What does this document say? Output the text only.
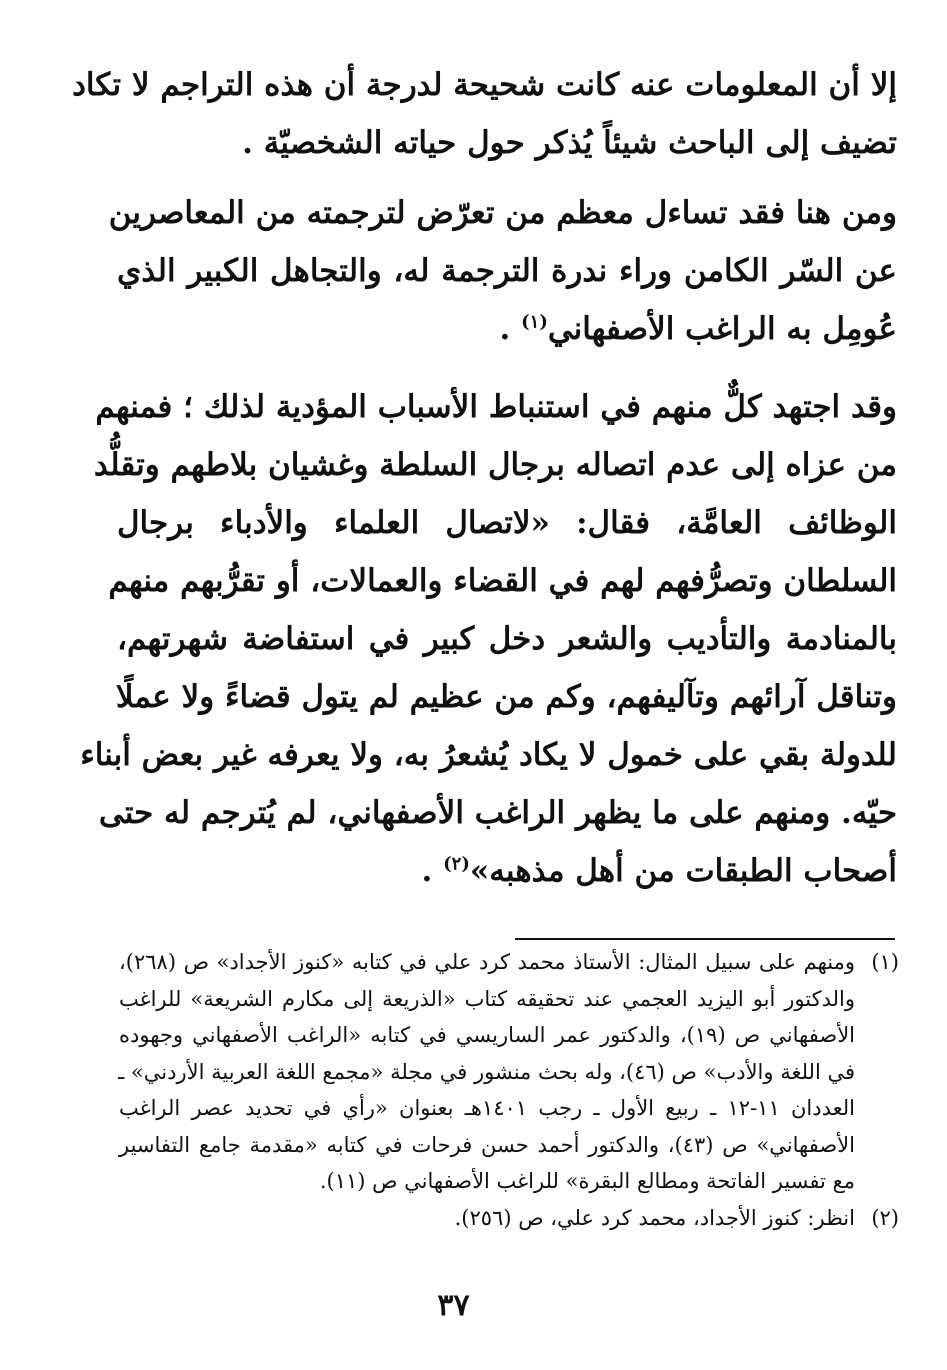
إلا أن المعلومات عنه كانت شحيحة لدرجة أن هذه التراجم لا تكاد
تضيف إلى الباحث شيئاً يُذكر حول حياته الشخصيّة .
ومن هنا فقد تساءل معظم من تعرّض لترجمته من المعاصرين
عن السّر الكامن وراء ندرة الترجمة له، والتجاهل الكبير الذي
عُومِل به الراغب الأصفهاني$^{(١)}$ .
وقد اجتهد كلٌّ منهم في استنباط الأسباب المؤدية لذلك ؛ فمنهم
من عزاه إلى عدم اتصاله برجال السلطة وغشيان بلاطهم وتقلُّد
الوظائف العامَّة، فقال: «لاتصال العلماء والأدباء برجال
السلطان وتصرُّفهم لهم في القضاء والعمالات، أو تقرُّبهم منهم
بالمنادمة والتأديب والشعر دخل كبير في استفاضة شهرتهم،
وتناقل آرائهم وتآليفهم، وكم من عظيم لم يتول قضاءً ولا عملًا
للدولة بقي على خمول لا يكاد يُشعرُ به، ولا يعرفه غير بعض أبناء
حيّه. ومنهم على ما يظهر الراغب الأصفهاني، لم يُترجم له حتى
أصحاب الطبقات من أهل مذهبه»$^{(٢)}$ .
(١)ومنهم على سبيل المثال: الأستاذ محمد كرد علي في كتابه «كنوز الأجداد» ص (٢٦٨)،
والدكتور أبو اليزيد العجمي عند تحقيقه كتاب «الذريعة إلى مكارم الشريعة» للراغب
الأصفهاني ص (١٩)، والدكتور عمر الساريسي في كتابه «الراغب الأصفهاني وجهوده
في اللغة والأدب» ص (٤٦)، وله بحث منشور في مجلة «مجمع اللغة العربية الأردني» ـ
العددان ١١-١٢ ـ ربيع الأول ـ رجب ١٤٠١هـ بعنوان «رأي في تحديد عصر الراغب
الأصفهاني» ص (٤٣)، والدكتور أحمد حسن فرحات في كتابه «مقدمة جامع التفاسير
مع تفسير الفاتحة ومطالع البقرة» للراغب الأصفهاني ص (١١).
(٢)انظر: كنوز الأجداد، محمد كرد علي، ص (٢٥٦).
٣٧
